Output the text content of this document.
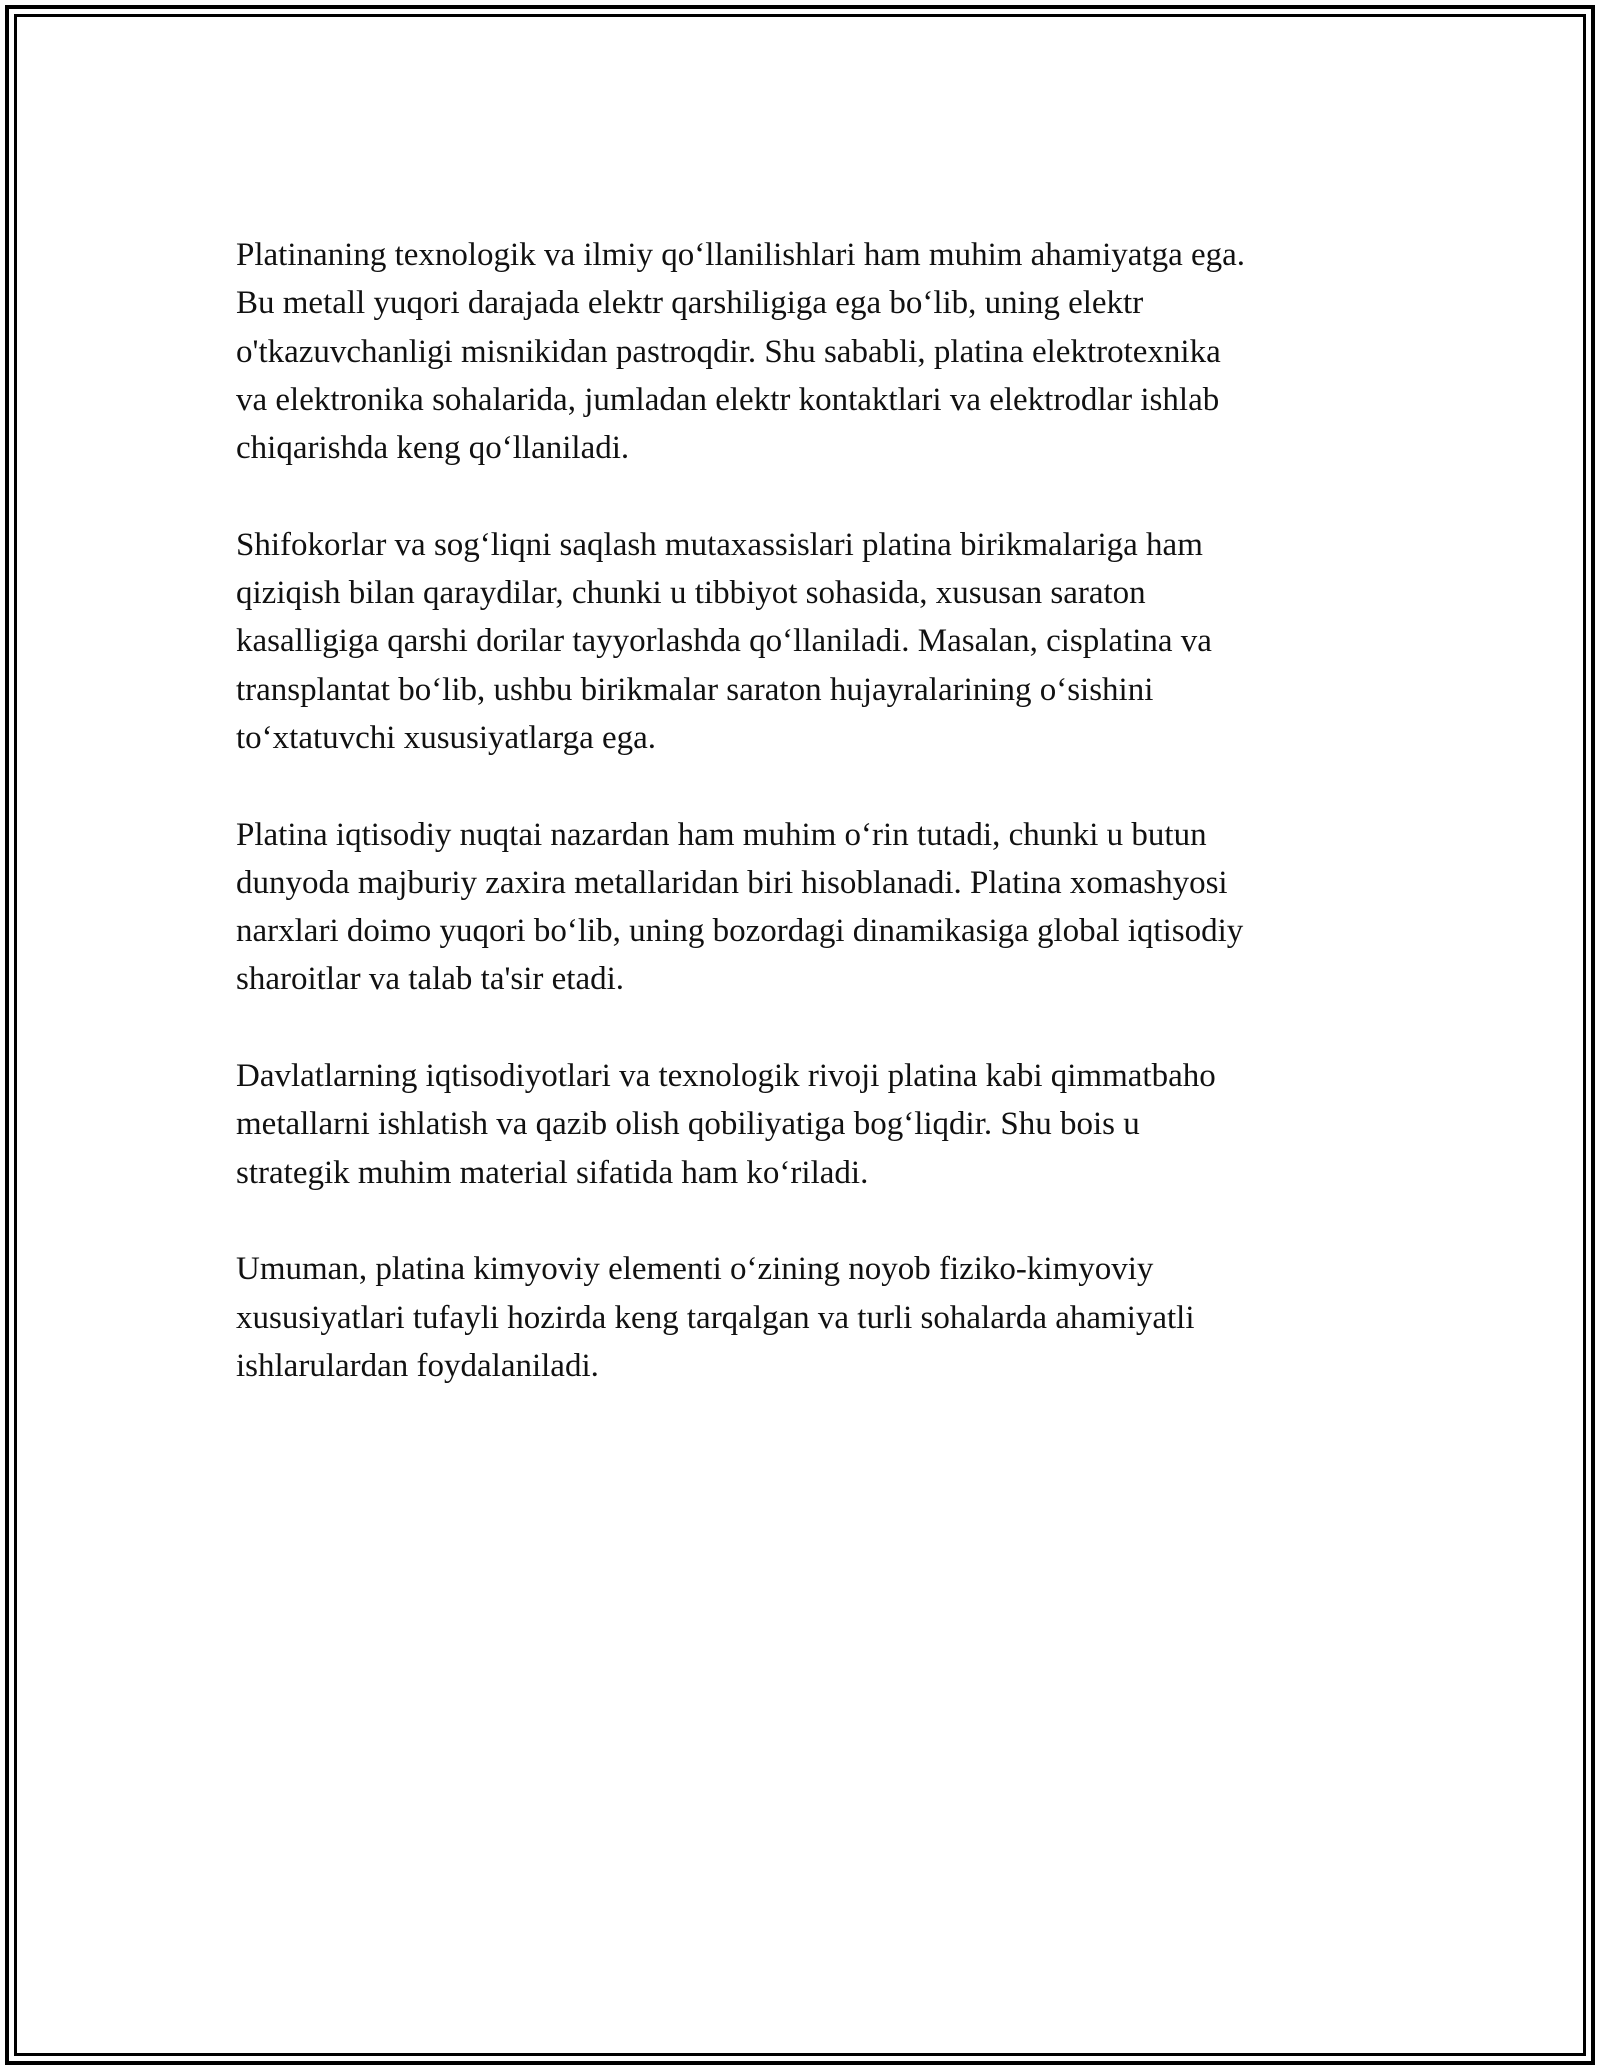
Platinaning texnologik va ilmiy qo‘llanilishlari ham muhim ahamiyatga ega.
Bu metall yuqori darajada elektr qarshiligiga ega bo‘lib, uning elektr
o'tkazuvchanligi misnikidan pastroqdir. Shu sababli, platina elektrotexnika
va elektronika sohalarida, jumladan elektr kontaktlari va elektrodlar ishlab
chiqarishda keng qo‘llaniladi.

Shifokorlar va sog‘liqni saqlash mutaxassislari platina birikmalariga ham
qiziqish bilan qaraydilar, chunki u tibbiyot sohasida, xususan saraton
kasalligiga qarshi dorilar tayyorlashda qo‘llaniladi. Masalan, cisplatina va
transplantat bo‘lib, ushbu birikmalar saraton hujayralarining o‘sishini
to‘xtatuvchi xususiyatlarga ega.

Platina iqtisodiy nuqtai nazardan ham muhim o‘rin tutadi, chunki u butun
dunyoda majburiy zaxira metallaridan biri hisoblanadi. Platina xomashyosi
narxlari doimo yuqori bo‘lib, uning bozordagi dinamikasiga global iqtisodiy
sharoitlar va talab ta'sir etadi.

Davlatlarning iqtisodiyotlari va texnologik rivoji platina kabi qimmatbaho
metallarni ishlatish va qazib olish qobiliyatiga bog‘liqdir. Shu bois u
strategik muhim material sifatida ham ko‘riladi.

Umuman, platina kimyoviy elementi o‘zining noyob fiziko-kimyoviy
xususiyatlari tufayli hozirda keng tarqalgan va turli sohalarda ahamiyatli
ishlarulardan foydalaniladi.
